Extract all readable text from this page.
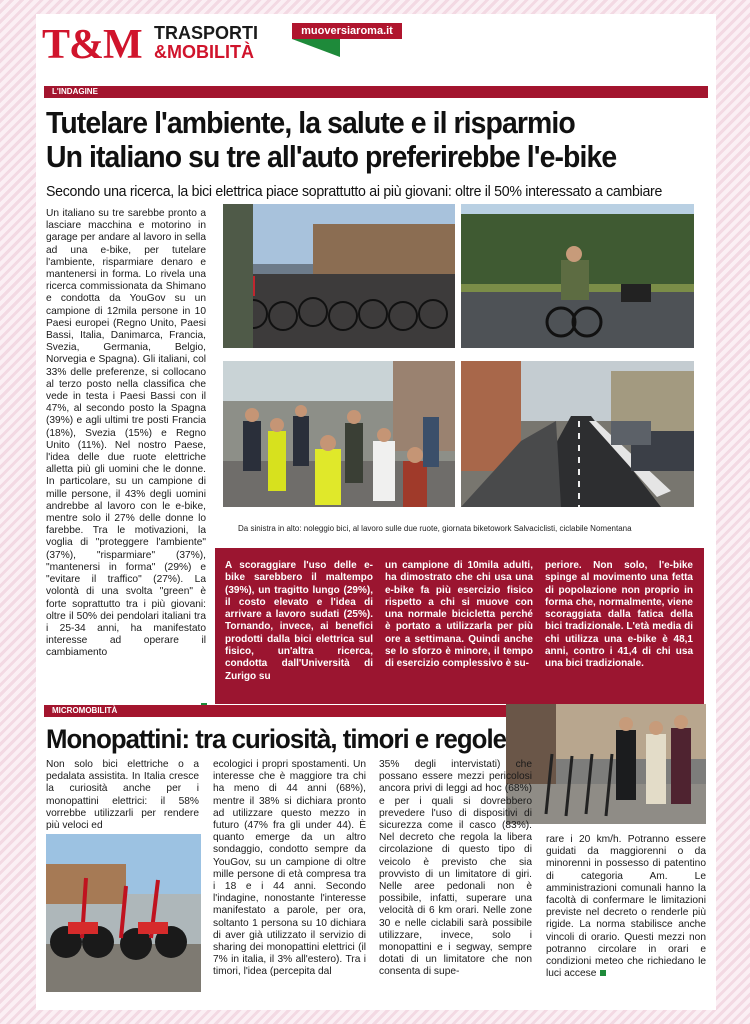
T&M TRASPORTI
&MOBILITÀ
muoversiaroma.it
L'INDAGINE
Tutelare l'ambiente, la salute e il risparmio
Un italiano su tre all'auto preferirebbe l'e-bike
Secondo una ricerca, la bici elettrica piace soprattutto ai più giovani: oltre il 50% interessato a cambiare

Un italiano su tre sarebbe pronto a lasciare macchina e motorino in garage per andare al lavoro in sella ad una e-bike, per tutelare l'ambiente, risparmiare denaro e mantenersi in forma. Lo rivela una ricerca commissionata da Shimano e condotta da YouGov su un campione di 12mila persone in 10 Paesi europei (Regno Unito, Paesi Bassi, Italia, Danimarca, Francia, Svezia, Germania, Belgio, Norvegia e Spagna). Gli italiani, col 33% delle preferenze, si collocano al terzo posto nella classifica che vede in testa i Paesi Bassi con il 47%, al secondo posto la Spagna (39%) e agli ultimi tre posti Francia (18%), Svezia (15%) e Regno Unito (11%). Nel nostro Paese, l'idea delle due ruote elettriche alletta più gli uomini che le donne. In particolare, su un campione di mille persone, il 43% degli uomini andrebbe al lavoro con le e-bike, mentre solo il 27% delle donne lo farebbe. Tra le motivazioni, la voglia di "proteggere l'ambiente" (37%), "risparmiare" (37%), "mantenersi in forma" (29%) e "evitare il traffico" (27%). La volontà di una svolta "green" è forte soprattutto tra i più giovani: oltre il 50% dei pendolari italiani tra i 25-34 anni, ha manifestato interesse ad operare il cambiamento

Da sinistra in alto: noleggio bici, al lavoro sulle due ruote, giornata biketowork Salvaciclisti, ciclabile Nomentana
A scoraggiare l'uso delle e-bike sarebbero il maltempo (39%), un tragitto lungo (29%), il costo elevato e l'idea di arrivare a lavoro sudati (25%). Tornando, invece, ai benefici prodotti dalla bici elettrica sul fisico, un'altra ricerca, condotta dall'Università di Zurigo su
un campione di 10mila adulti, ha dimostrato che chi usa una e-bike fa più esercizio fisico rispetto a chi si muove con una normale bicicletta perché è portato a utilizzarla per più ore a settimana. Quindi anche se lo sforzo è minore, il tempo di esercizio complessivo è su-
periore. Non solo, l'e-bike spinge al movimento una fetta di popolazione non proprio in forma che, normalmente, viene scoraggiata dalla fatica della bici tradizionale. L'età media di chi utilizza una e-bike è 48,1 anni, contro i 41,4 di chi usa una bici tradizionale.
MICROMOBILITÀ
Monopattini: tra curiosità, timori e regole
Non solo bici elettriche o a pedalata assistita. In Italia cresce la curiosità anche per i monopattini elettrici: il 58% vorrebbe utilizzarli per rendere più veloci ed
ecologici i propri spostamenti. Un interesse che è maggiore tra chi ha meno di 44 anni (68%), mentre il 38% si dichiara pronto ad utilizzare questo mezzo in futuro (47% fra gli under 44). È quanto emerge da un altro sondaggio, condotto sempre da YouGov, su un campione di oltre mille persone di età compresa tra i 18 e i 44 anni. Secondo l'indagine, nonostante l'interesse manifestato a parole, per ora, soltanto 1 persona su 10 dichiara di aver già utilizzato il servizio di sharing dei monopattini elettrici (il 7% in italia, il 3% all'estero). Tra i timori, l'idea (percepita dal
35% degli intervistati) che possano essere mezzi pericolosi ancora privi di leggi ad hoc (68%) e per i quali si dovrebbero prevedere l'uso di dispositivi di sicurezza come il casco (83%). Nel decreto che regola la libera circolazione di questo tipo di veicolo è previsto che sia provvisto di un limitatore di giri. Nelle aree pedonali non è possibile, infatti, superare una velocità di 6 km orari. Nelle zone 30 e nelle ciclabili sarà possibile utilizzare, invece, solo i monopattini e i segway, sempre dotati di un limitatore che non consenta di supe-
rare i 20 km/h. Potranno essere guidati da maggiorenni o da minorenni in possesso di patentino di categoria Am. Le amministrazioni comunali hanno la facoltà di confermare le limitazioni previste nel decreto o renderle più rigide. La norma stabilisce anche vincoli di orario. Questi mezzi non potranno circolare in orari e condizioni meteo che richiedano le luci accese
